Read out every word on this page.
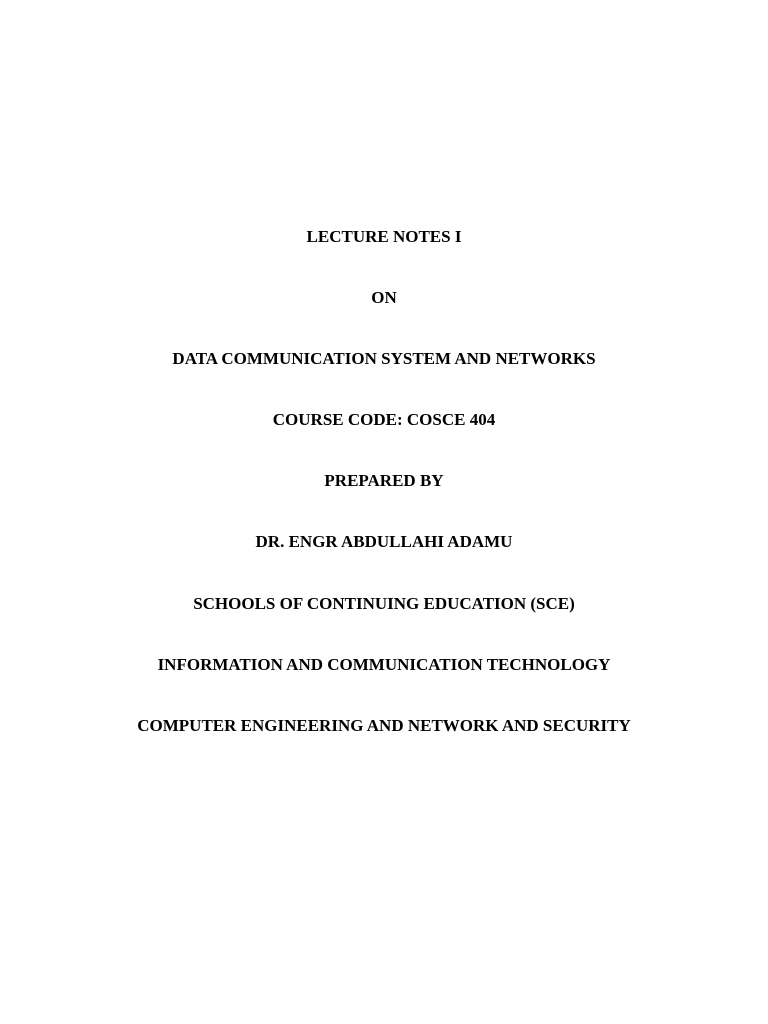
LECTURE NOTES I

ON

DATA COMMUNICATION SYSTEM AND NETWORKS

COURSE CODE: COSCE 404

PREPARED BY

DR. ENGR ABDULLAHI ADAMU

SCHOOLS OF CONTINUING EDUCATION (SCE)

INFORMATION AND COMMUNICATION TECHNOLOGY

COMPUTER ENGINEERING AND NETWORK AND SECURITY
